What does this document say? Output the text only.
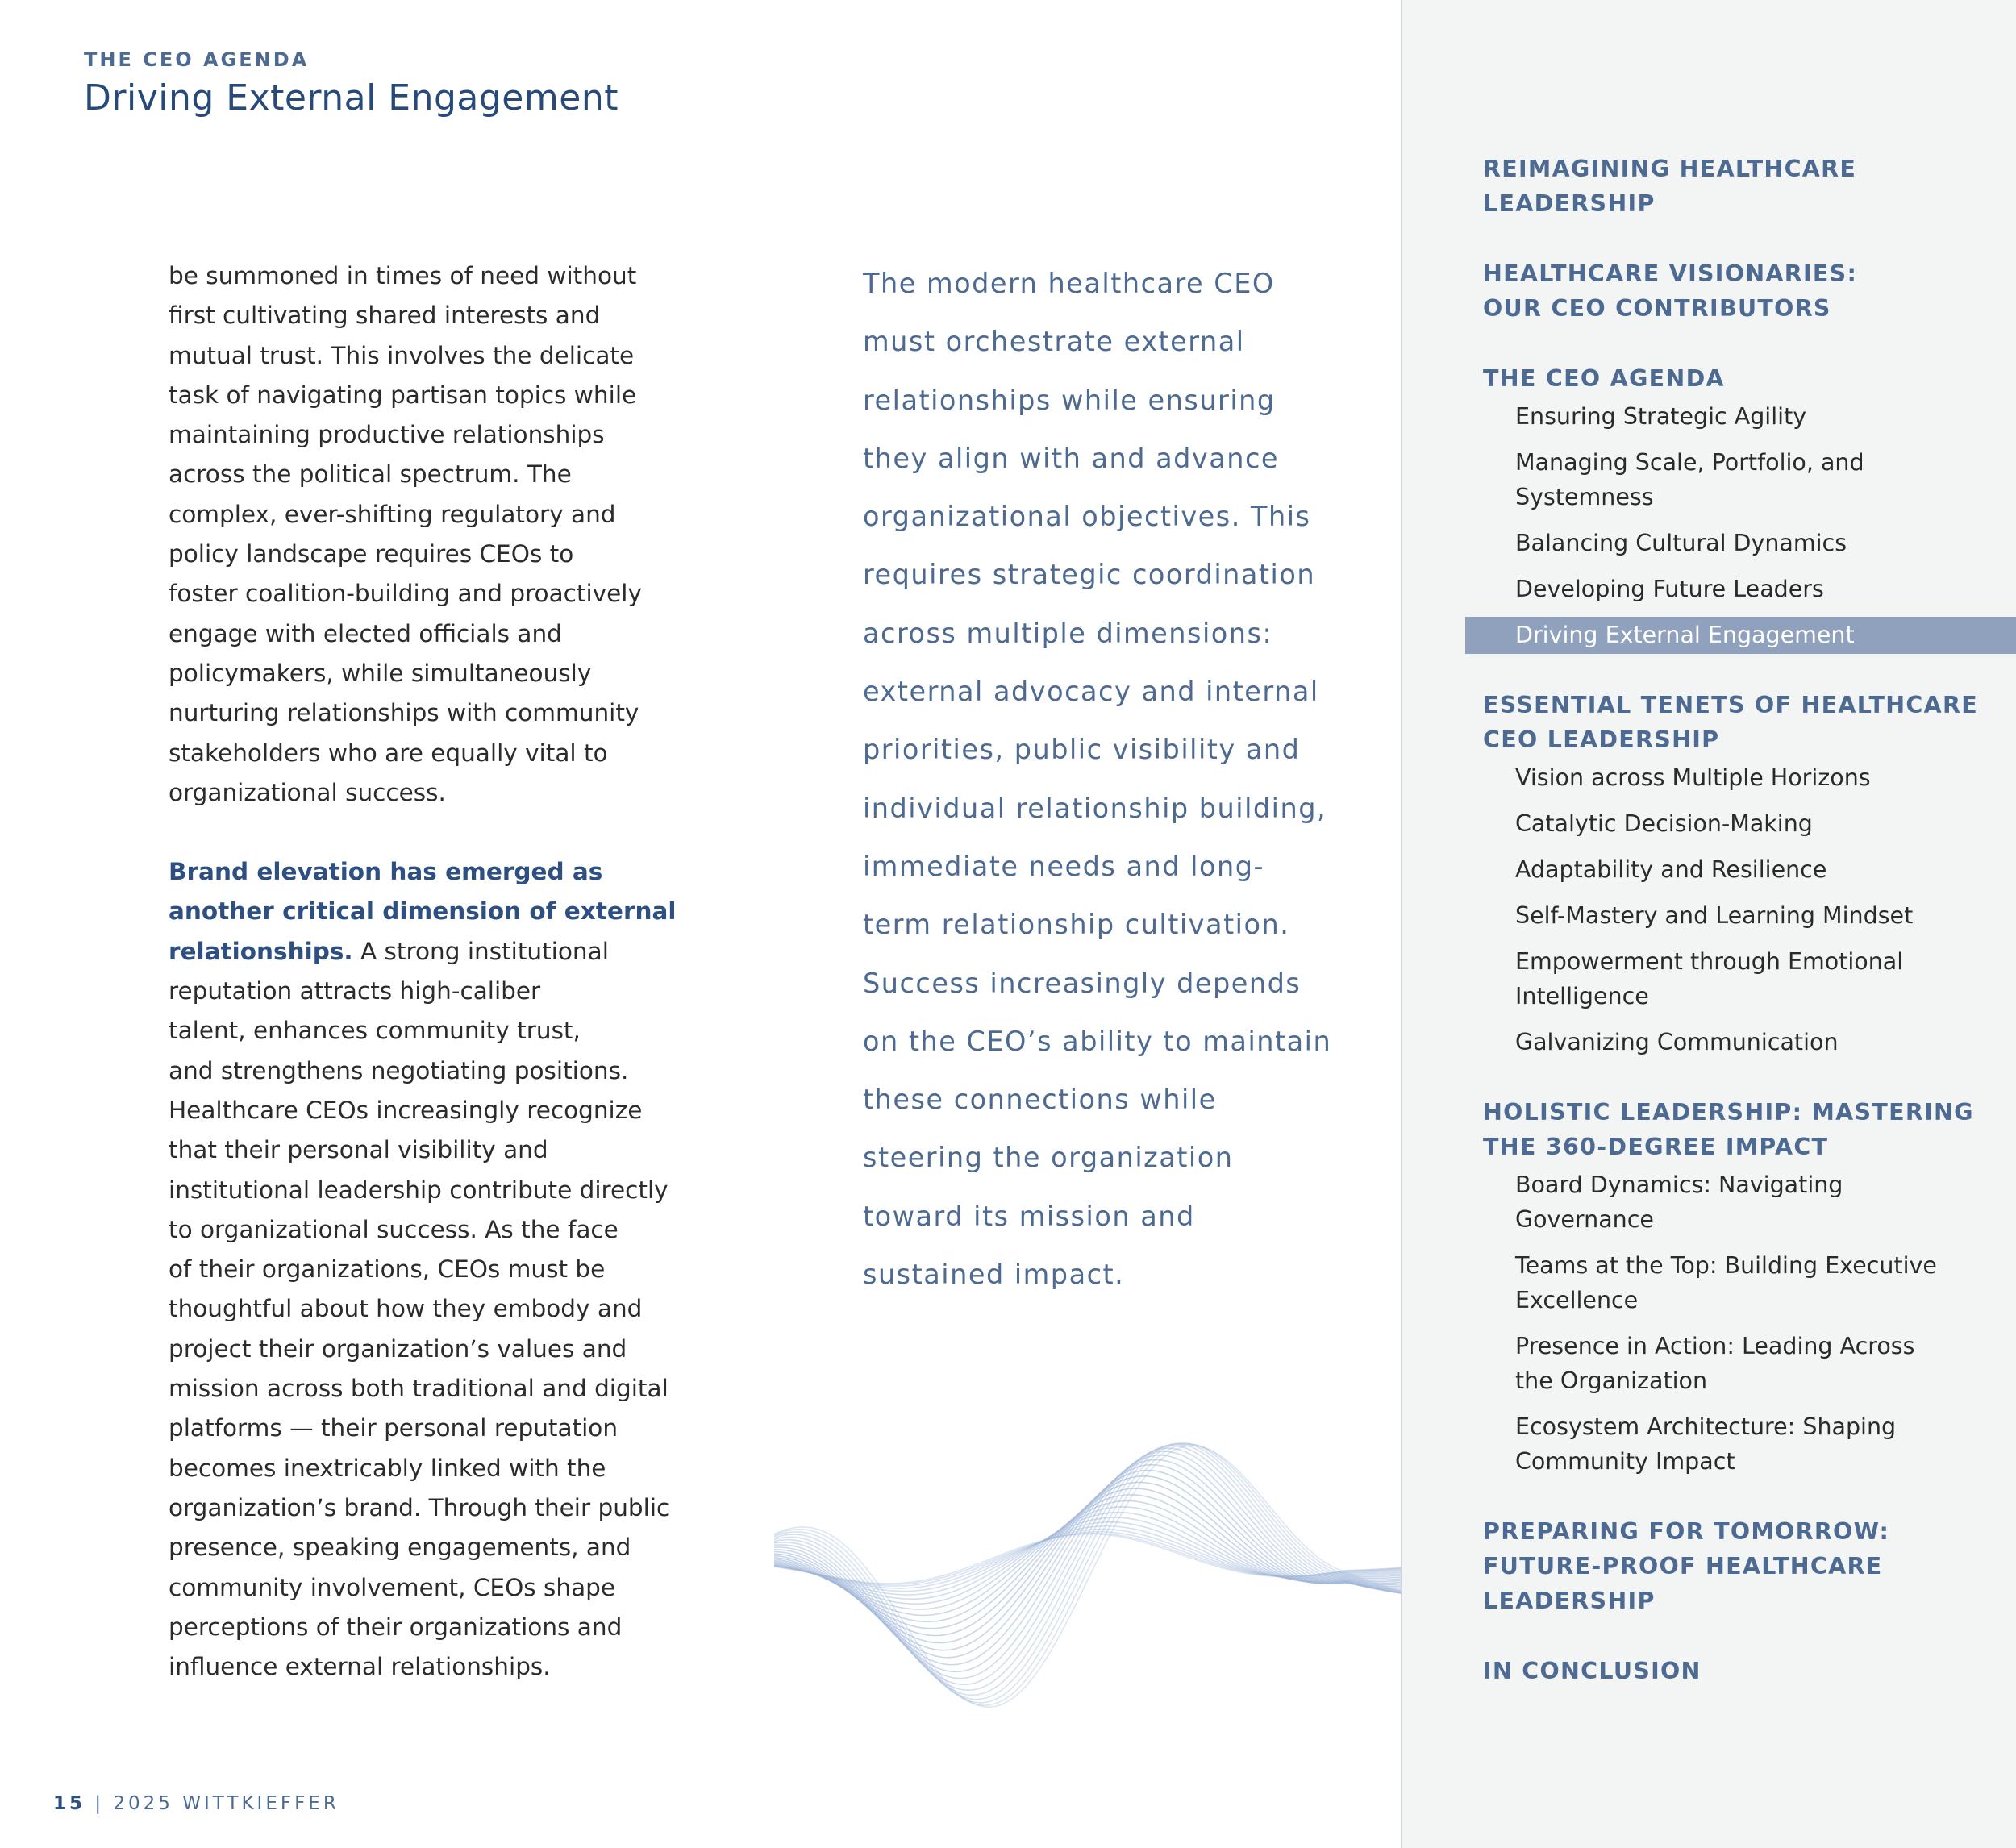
THE CEO AGENDA
Driving External Engagement

be summoned in times of need without
first cultivating shared interests and
mutual trust. This involves the delicate
task of navigating partisan topics while
maintaining productive relationships
across the political spectrum. The
complex, ever-shifting regulatory and
policy landscape requires CEOs to
foster coalition-building and proactively
engage with elected officials and
policymakers, while simultaneously
nurturing relationships with community
stakeholders who are equally vital to
organizational success.

Brand elevation has emerged as
another critical dimension of external
relationships. A strong institutional
reputation attracts high-caliber
talent, enhances community trust,
and strengthens negotiating positions.
Healthcare CEOs increasingly recognize
that their personal visibility and
institutional leadership contribute directly
to organizational success. As the face
of their organizations, CEOs must be
thoughtful about how they embody and
project their organization’s values and
mission across both traditional and digital
platforms — their personal reputation
becomes inextricably linked with the
organization’s brand. Through their public
presence, speaking engagements, and
community involvement, CEOs shape
perceptions of their organizations and
influence external relationships.

The modern healthcare CEO
must orchestrate external
relationships while ensuring
they align with and advance
organizational objectives. This
requires strategic coordination
across multiple dimensions:
external advocacy and internal
priorities, public visibility and
individual relationship building,
immediate needs and long-
term relationship cultivation.
Success increasingly depends
on the CEO’s ability to maintain
these connections while
steering the organization
toward its mission and
sustained impact.

15 | 2025 WITTKIEFFER
REIMAGINING HEALTHCARE
LEADERSHIP
HEALTHCARE VISIONARIES:
OUR CEO CONTRIBUTORS
THE CEO AGENDA
Ensuring Strategic Agility
Managing Scale, Portfolio, and
Systemness
Balancing Cultural Dynamics
Developing Future Leaders
Driving External Engagement
ESSENTIAL TENETS OF HEALTHCARE
CEO LEADERSHIP
Vision across Multiple Horizons
Catalytic Decision-Making
Adaptability and Resilience
Self-Mastery and Learning Mindset
Empowerment through Emotional
Intelligence
Galvanizing Communication
HOLISTIC LEADERSHIP: MASTERING
THE 360-DEGREE IMPACT
Board Dynamics: Navigating
Governance
Teams at the Top: Building Executive
Excellence
Presence in Action: Leading Across
the Organization
Ecosystem Architecture: Shaping
Community Impact
PREPARING FOR TOMORROW:
FUTURE-PROOF HEALTHCARE
LEADERSHIP
IN CONCLUSION
